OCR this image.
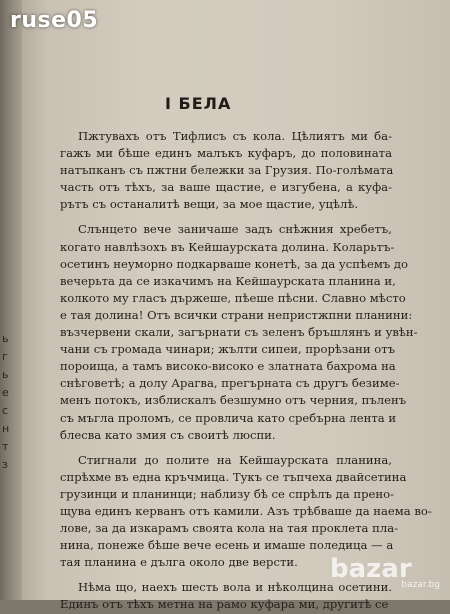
ь
г
ь
е
с
н
т
з
I БЕЛА
Пжтувахъ отъ Тифлисъ съ кола. Цѣлиятъ ми ба-
гажъ ми бѣше единъ малъкъ куфаръ, до половината
натъпканъ съ пжтни бележки за Грузия. По-голѣмата
часть отъ тѣхъ, за ваше щастие, е изгубена, а куфа-
рътъ съ останалитѣ вещи, за мое щастие, уцѣлѣ.
Слънцето вече заничаше задъ снѣжния хребетъ,
когато навлѣзохъ въ Кейшаурската долина. Коларьтъ-
осетинъ неуморно подкарваше конетѣ, за да успѣемъ до
вечерьта да се изкачимъ на Кейшаурската планина и,
колкото му гласъ държеше, пѣеше пѣсни. Славно мѣсто
е тая долина! Отъ всички страни непристжпни планини:
възчервени скали, загърнати съ зеленъ бръшлянъ и увѣн-
чани съ громада чинари; жълти сипеи, прорѣзани отъ
пороища, а тамъ високо-високо е златната бахрома на
снѣговетѣ; а долу Арагва, прегърната съ другъ безиме-
менъ потокъ, изблискалъ безшумно отъ черния, пъленъ
съ мъгла проломъ, се провлича като сребърна лента и
блесва като змия съ своитѣ люспи.
Стигнали до полите на Кейшаурската планина,
спрѣхме въ една кръчмица. Тукъ се тъпчеха двайсетина
грузинци и планинци; наблизу бѣ се спрѣлъ да прено-
щува единъ керванъ отъ камили. Азъ трѣбваше да наема во-
лове, за да изкарамъ своята кола на тая проклета пла-
нина, понеже бѣше вече есень и имаше поледица — а
тая планина е дълга около две версти.
Нѣма що, наехъ шесть вола и нѣколцина осетини.
Единъ отъ тѣхъ метна на рамо куфара ми, другитѣ се
ruse05
bazar
bazar.bg
